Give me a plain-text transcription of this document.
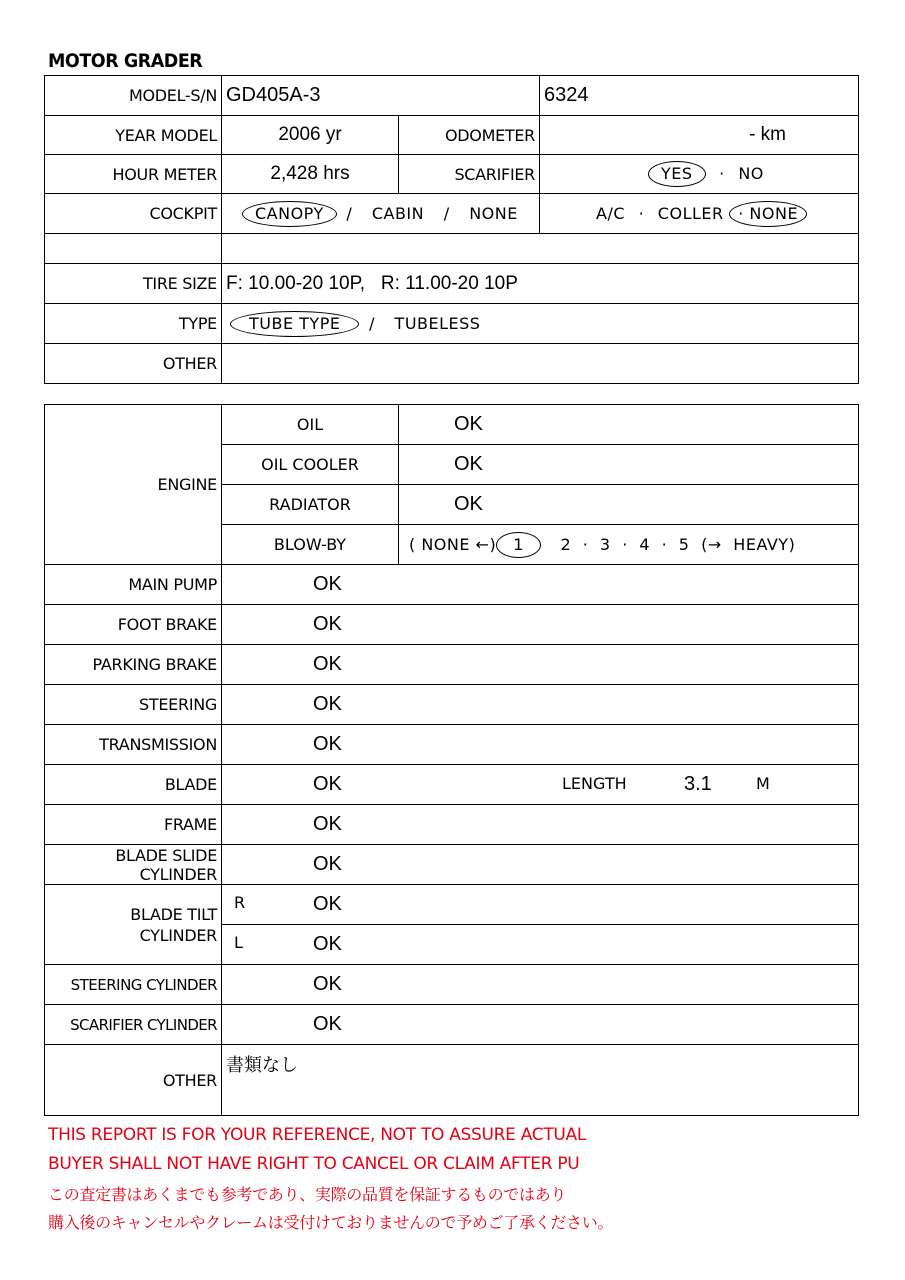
MOTOR GRADER
MODEL-S/N	GD405A-3		6324
YEAR MODEL	2006 yr	ODOMETER	- km
HOUR METER	2,428 hrs	SCARIFIER	YES · NO
COCKPIT	CANOPY / CABIN / NONE		A/C · COLLER · NONE

TIRE SIZE	F: 10.00-20 10P,   R: 11.00-20 10P		
TYPE	TUBE TYPE / TUBELESS		
OTHER			
ENGINE	OIL	OK
	OIL COOLER	OK
	RADIATOR	OK
	BLOW-BY	( NONE ←) 1 2 · 3 · 4 · 5 (→ HEAVY)
MAIN PUMP	OK	
FOOT BRAKE	OK	
PARKING BRAKE	OK	
STEERING	OK	
TRANSMISSION	OK	
BLADE	OK LENGTH 3.1 M	

FRAME	OK	

BLADE SLIDE
CYLINDER	OK	

BLADE TILT
CYLINDER	R OK	
	L OK	
STEERING CYLINDER	OK	
SCARIFIER CYLINDER	OK	
OTHER	書類なし	
THIS REPORT IS FOR YOUR REFERENCE, NOT TO ASSURE ACTUAL
BUYER SHALL NOT HAVE RIGHT TO CANCEL OR CLAIM AFTER PU
この査定書はあくまでも参考であり、実際の品質を保証するものではあり
購入後のキャンセルやクレームは受付けておりませんので予めご了承ください。
